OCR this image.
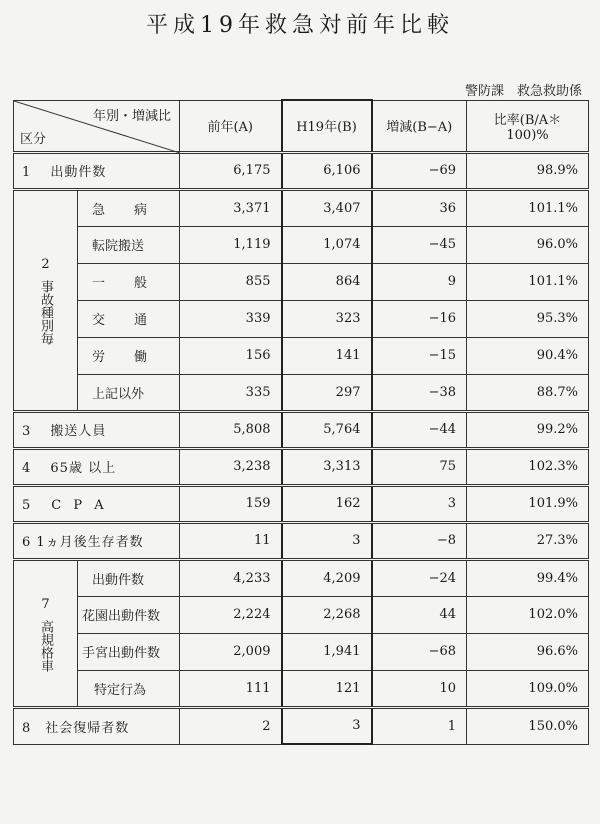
平成19年救急対前年比較
警防課　救急救助係
年別・増減比
区分		前年(A)	H19年(B)	増減(B−A)	比率(B/A＊100)%
1　 出動件数		6,175	6,106	−69	98.9%

2
事故種別毎	急　病	3,371	3,407	36	101.1%
	転院搬送	1,119	1,074	−45	96.0%
	一　般	855	864	9	101.1%
	交　通	339	323	−16	95.3%
	労　働	156	141	−15	90.4%
	上記以外	335	297	−38	88.7%
3　 搬送人員		5,808	5,764	−44	99.2%
4　 65歳 以上		3,238	3,313	75	102.3%
5　C P A		159	162	3	101.9%
6 1ヵ月後生存者数		11	3	−8	27.3%

7
高規格車	出動件数	4,233	4,209	−24	99.4%
	花園出動件数	2,224	2,268	44	102.0%
	手宮出動件数	2,009	1,941	−68	96.6%
	特定行為	111	121	10	109.0%
8　社会復帰者数		2	3	1	150.0%
